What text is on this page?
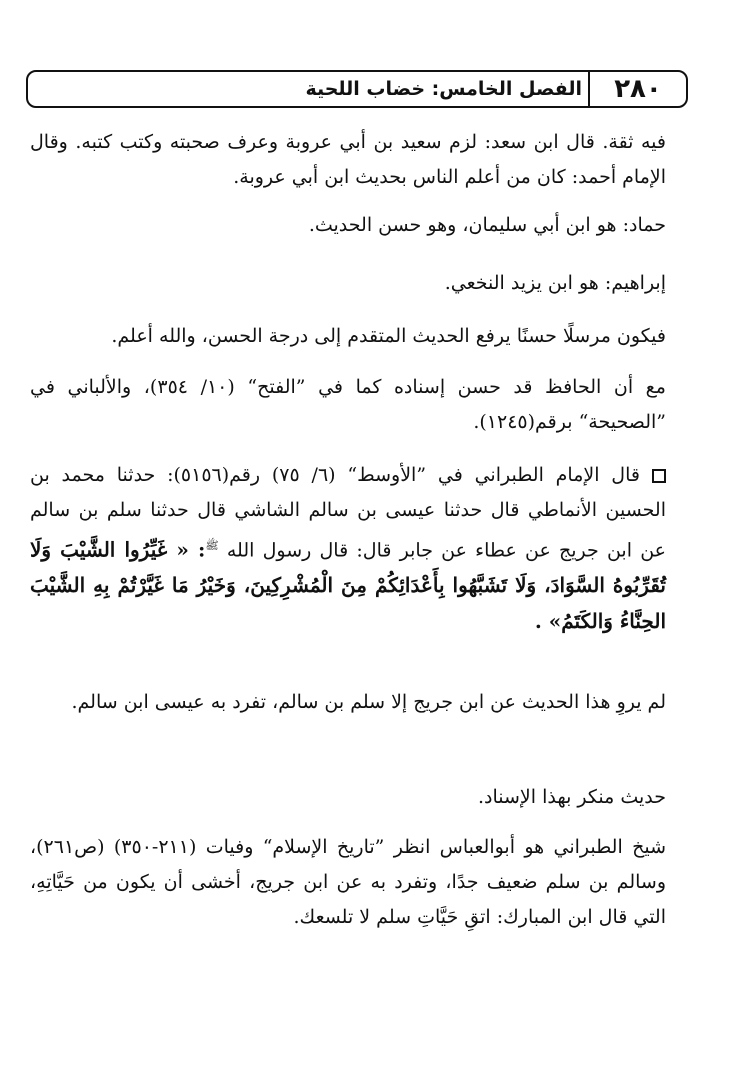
الفصل الخامس: خضاب اللحية	٢٨٠

فيه ثقة. قال ابن سعد: لزم سعيد بن أبي عروبة وعرف صحبته وكتب كتبه. وقال الإمام أحمد: كان من أعلم الناس بحديث ابن أبي عروبة.

حماد: هو ابن أبي سليمان، وهو حسن الحديث.

إبراهيم: هو ابن يزيد النخعي.

فيكون مرسلًا حسنًا يرفع الحديث المتقدم إلى درجة الحسن، والله أعلم.

مع أن الحافظ قد حسن إسناده كما في ”الفتح“ (١٠/ ٣٥٤)، والألباني في ”الصحيحة“ برقم(١٢٤٥).

قال الإمام الطبراني في ”الأوسط“ (٦/ ٧٥) رقم(٥١٥٦): حدثنا محمد بن الحسين الأنماطي قال حدثنا عيسى بن سالم الشاشي قال حدثنا سلم بن سالم عن ابن جريج عن عطاء عن جابر قال: قال رسول الله $^ﷺ$: « غَيِّرُوا الشَّيْبَ وَلَا تُقَرِّبُوهُ السَّوَادَ، وَلَا تَشَبَّهُوا بِأَعْدَائِكُمْ مِنَ الْمُشْرِكِينَ، وَخَيْرُ مَا غَيَّرْتُمْ بِهِ الشَّيْبَ الحِنَّاءُ وَالكَتَمُ» .

لم يروِ هذا الحديث عن ابن جريج إلا سلم بن سالم، تفرد به عيسى ابن سالم.

حديث منكر بهذا الإسناد.

شيخ الطبراني هو أبوالعباس انظر ”تاريخ الإسلام“ وفيات (٢١١-٣٥٠) (ص٢٦١)، وسالم بن سلم ضعيف جدًا، وتفرد به عن ابن جريج، أخشى أن يكون من حَيَّاتِهِ، التي قال ابن المبارك: اتقِ حَيَّاتِ سلم لا تلسعك.
